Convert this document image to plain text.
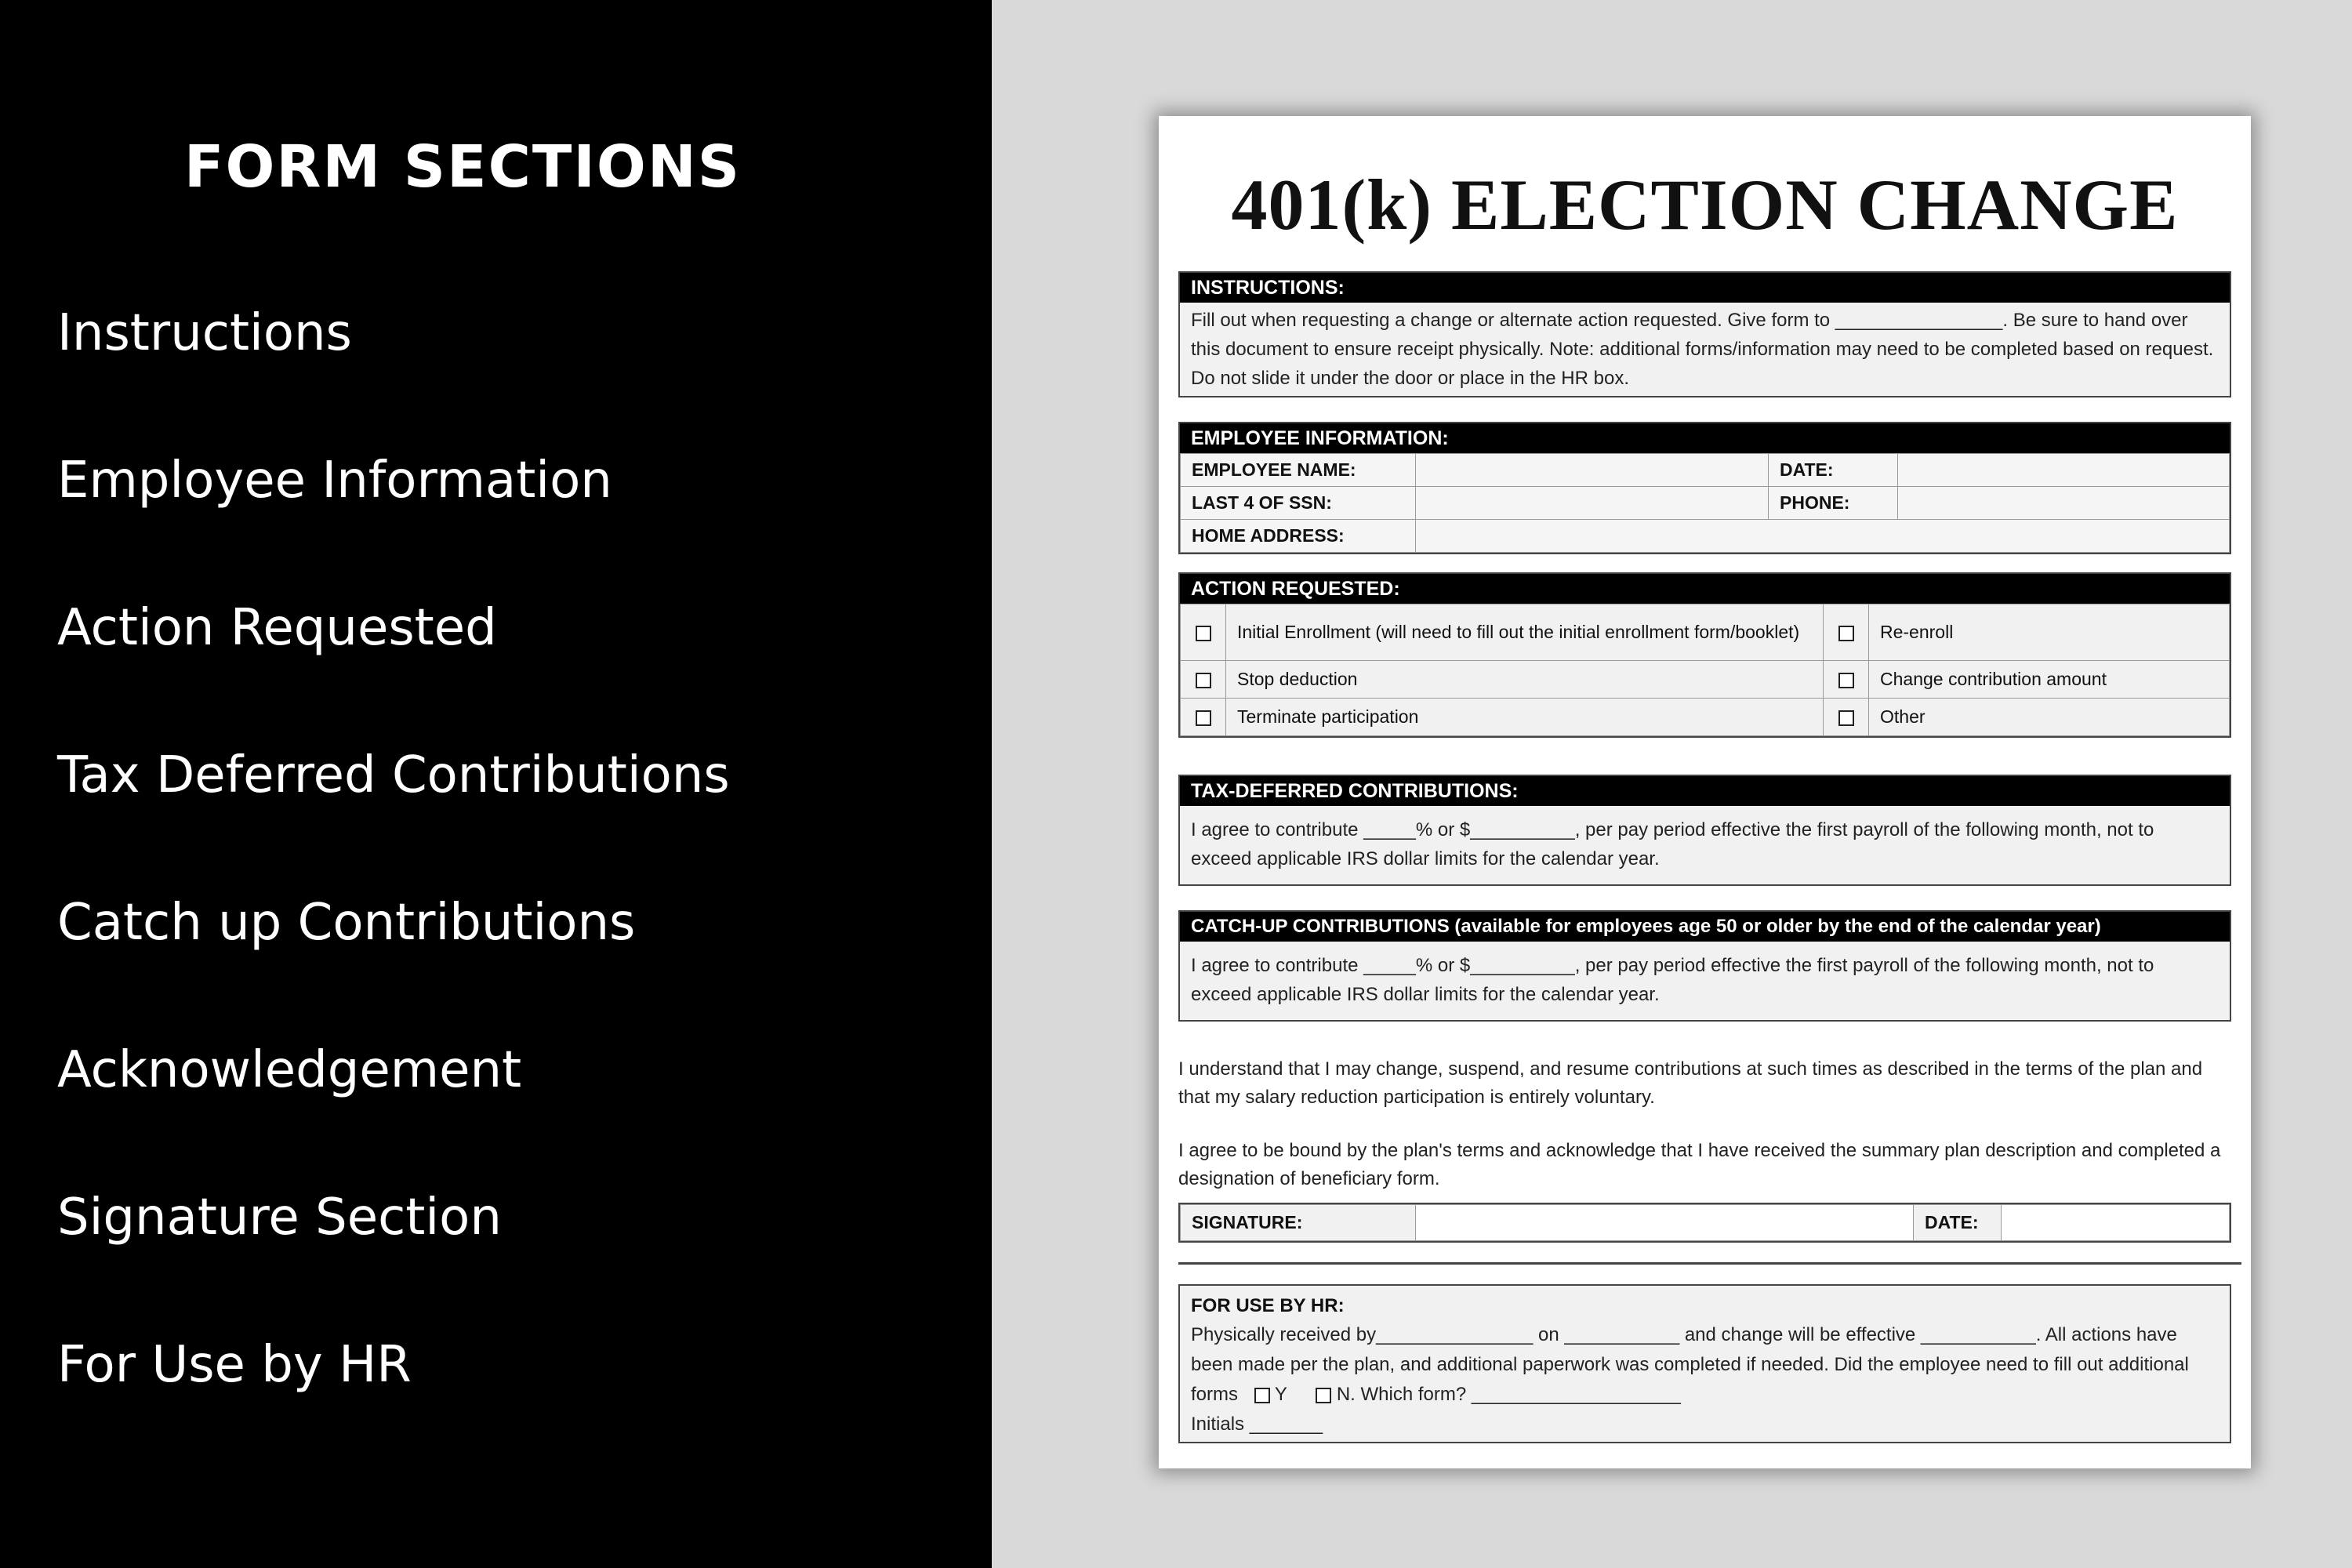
FORM SECTIONS
Instructions
Employee Information
Action Requested
Tax Deferred Contributions
Catch up Contributions
Acknowledgement
Signature Section
For Use by HR
401(k) ELECTION CHANGE
INSTRUCTIONS:
Fill out when requesting a change or alternate action requested. Give form to ________________. Be sure to hand over this document to ensure receipt physically. Note: additional forms/information may need to be completed based on request. Do not slide it under the door or place in the HR box.
EMPLOYEE INFORMATION:
EMPLOYEE NAME:		DATE:	
LAST 4 OF SSN:		PHONE:	
HOME ADDRESS:			
ACTION REQUESTED:
	Initial Enrollment (will need to fill out the initial enrollment form/booklet)		Re-enroll
	Stop deduction		Change contribution amount
	Terminate participation		Other
TAX-DEFERRED CONTRIBUTIONS:
I agree to contribute _____% or $__________, per pay period effective the first payroll of the following month, not to exceed applicable IRS dollar limits for the calendar year.
CATCH-UP CONTRIBUTIONS (available for employees age 50 or older by the end of the calendar year)
I agree to contribute _____% or $__________, per pay period effective the first payroll of the following month, not to exceed applicable IRS dollar limits for the calendar year.
I understand that I may change, suspend, and resume contributions at such times as described in the terms of the plan and that my salary reduction participation is entirely voluntary.
I agree to be bound by the plan's terms and acknowledge that I have received the summary plan description and completed a designation of beneficiary form.
SIGNATURE:		DATE:	
FOR USE BY HR:
Physically received by_______________ on ___________ and change will be effective ___________. All actions have been made per the plan, and additional paperwork was completed if needed. Did the employee need to fill out additional forms Y	N. Which form? ____________________
Initials _______
